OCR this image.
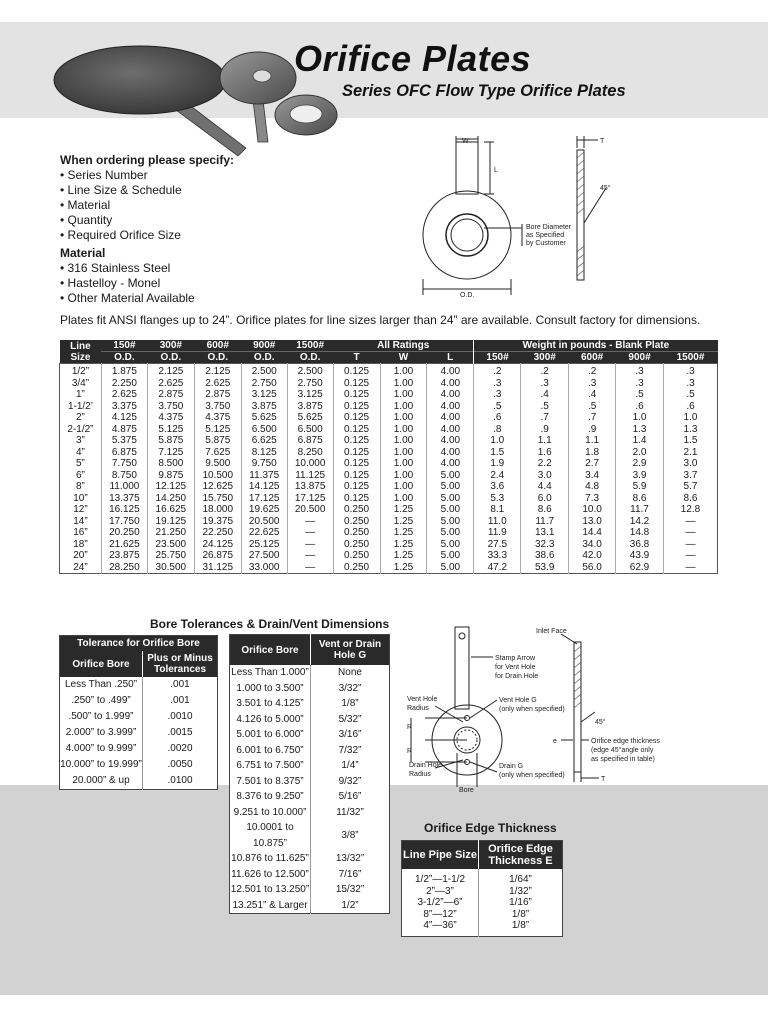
Orifice Plates
Series OFC Flow Type Orifice Plates
When ordering please specify:
• Series Number
• Line Size & Schedule
• Material
• Quantity
• Required Orifice Size
Material
• 316 Stainless Steel
• Hastelloy - Monel
• Other Material Available
W
L
T
45°
Bore Diameter
as Specified
by Customer
O.D.
Plates fit ANSI flanges up to 24”. Orifice plates for line sizes larger than 24” are available. Consult factory for dimensions.
Line Size	150#	300#	600#	900#	1500#	All Ratings			Weight in pounds - Blank Plate				
	O.D.	O.D.	O.D.	O.D.	O.D.	T	W	L	150#	300#	600#	900#	1500#
1/2”	1.875	2.125	2.125	2.500	2.500	0.125	1.00	4.00	.2	.2	.2	.3	.3
3/4”	2.250	2.625	2.625	2.750	2.750	0.125	1.00	4.00	.3	.3	.3	.3	.3
1”	2.625	2.875	2.875	3.125	3.125	0.125	1.00	4.00	.3	.4	.4	.5	.5
1-1/2’	3.375	3.750	3.750	3.875	3.875	0.125	1.00	4.00	.5	.5	.5	.6	.6
2”	4.125	4.375	4.375	5.625	5.625	0.125	1.00	4.00	.6	.7	.7	1.0	1.0
2-1/2”	4.875	5.125	5.125	6.500	6.500	0.125	1.00	4.00	.8	.9	.9	1.3	1.3
3”	5.375	5.875	5.875	6.625	6.875	0.125	1.00	4.00	1.0	1.1	1.1	1.4	1.5
4”	6.875	7.125	7.625	8.125	8.250	0.125	1.00	4.00	1.5	1.6	1.8	2.0	2.1
5”	7.750	8.500	9.500	9.750	10.000	0.125	1.00	4.00	1.9	2.2	2.7	2.9	3.0
6”	8.750	9.875	10.500	11.375	11.125	0.125	1.00	5.00	2.4	3.0	3.4	3.9	3.7
8”	11.000	12.125	12.625	14.125	13.875	0.125	1.00	5.00	3.6	4.4	4.8	5.9	5.7
10”	13.375	14.250	15.750	17.125	17.125	0.125	1.00	5.00	5.3	6.0	7.3	8.6	8.6
12”	16.125	16.625	18.000	19.625	20.500	0.250	1.25	5.00	8.1	8.6	10.0	11.7	12.8
14”	17.750	19.125	19.375	20.500	—	0.250	1.25	5.00	11.0	11.7	13.0	14.2	—
16”	20.250	21.250	22.250	22.625	—	0.250	1.25	5.00	11.9	13.1	14.4	14.8	—
18”	21.625	23.500	24.125	25.125	—	0.250	1.25	5.00	27.5	32.3	34.0	36.8	—
20”	23.875	25.750	26.875	27.500	—	0.250	1.25	5.00	33.3	38.6	42.0	43.9	—
24”	28.250	30.500	31.125	33.000	—	0.250	1.25	5.00	47.2	53.9	56.0	62.9	—
Bore Tolerances & Drain/Vent Dimensions
Tolerance for Orifice Bore	
Orifice Bore	Plus or Minus Tolerances
Less Than .250”	.001
.250” to .499”	.001
.500” to 1.999”	.0010
2.000” to 3.999”	.0015
4.000” to 9.999”	.0020
10.000” to 19.999”	.0050
20.000” & up	.0100
Orifice Bore	Vent or Drain Hole G
Less Than 1.000”	None
1.000 to 3.500”	3/32”
3.501 to 4.125”	1/8”
4.126 to 5.000”	5/32”
5.001 to 6.000”	3/16”
6.001 to 6.750”	7/32”
6.751 to 7.500”	1/4”
7.501 to 8.375”	9/32”
8.376 to 9.250”	5/16”
9.251 to 10.000”	11/32”
10.0001 to 10.875”	3/8”
10.876 to 11.625”	13/32”
11.626 to 12.500”	7/16”
12.501 to 13.250”	15/32”
13.251” & Larger	1/2”
Inlet Face
Stamp Arrow
for Vent Hole
for Drain Hole
Vent Hole
Radius
Vent Hole G
(only when specified)
R
R
Drain Hole
Radius
Drain G
(only when specified)
Bore
45°
e	Orifice edge thickness
(edge 45°angle only
as specified in table)
T
Orifice Edge Thickness
Line Pipe Size	Orifice Edge Thickness E
1/2”—1-1/2	1/64”
2”—3”	1/32”
3-1/2”—6”	1/16”
8”—12”	1/8”
4”—36”	1/8”
